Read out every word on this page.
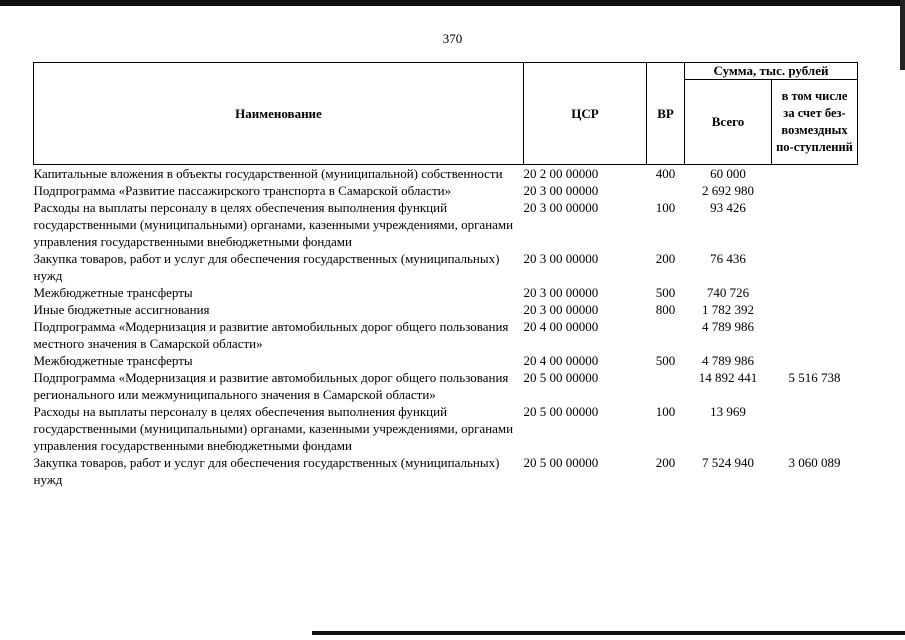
370
Наименование	ЦСР	ВР	Сумма, тыс. рублей	
			Всего	в том числе за счет без-возмездных по-ступлений
Капитальные вложения в объекты государственной (муниципальной) собственности	20 2 00 00000	400	60 000	
Подпрограмма «Развитие пассажирского транспорта в Самарской области»	20 3 00 00000		2 692 980	
Расходы на выплаты персоналу в целях обеспечения выполнения функций государственными (муниципальными) органами, казенными учреждениями, органами управления государственными внебюджетными фондами	20 3 00 00000	100	93 426	
Закупка товаров, работ и услуг для обеспечения государственных (муниципальных) нужд	20 3 00 00000	200	76 436	
Межбюджетные трансферты	20 3 00 00000	500	740 726	
Иные бюджетные ассигнования	20 3 00 00000	800	1 782 392	
Подпрограмма «Модернизация и развитие автомобильных дорог общего пользования местного значения в Самарской области»	20 4 00 00000		4 789 986	
Межбюджетные трансферты	20 4 00 00000	500	4 789 986	
Подпрограмма «Модернизация и развитие автомобильных дорог общего пользования регионального или межмуниципального значения в Самарской области»	20 5 00 00000		14 892 441	5 516 738
Расходы на выплаты персоналу в целях обеспечения выполнения функций государственными (муниципальными) органами, казенными учреждениями, органами управления государственными внебюджетными фондами	20 5 00 00000	100	13 969	
Закупка товаров, работ и услуг для обеспечения государственных (муниципальных) нужд	20 5 00 00000	200	7 524 940	3 060 089
